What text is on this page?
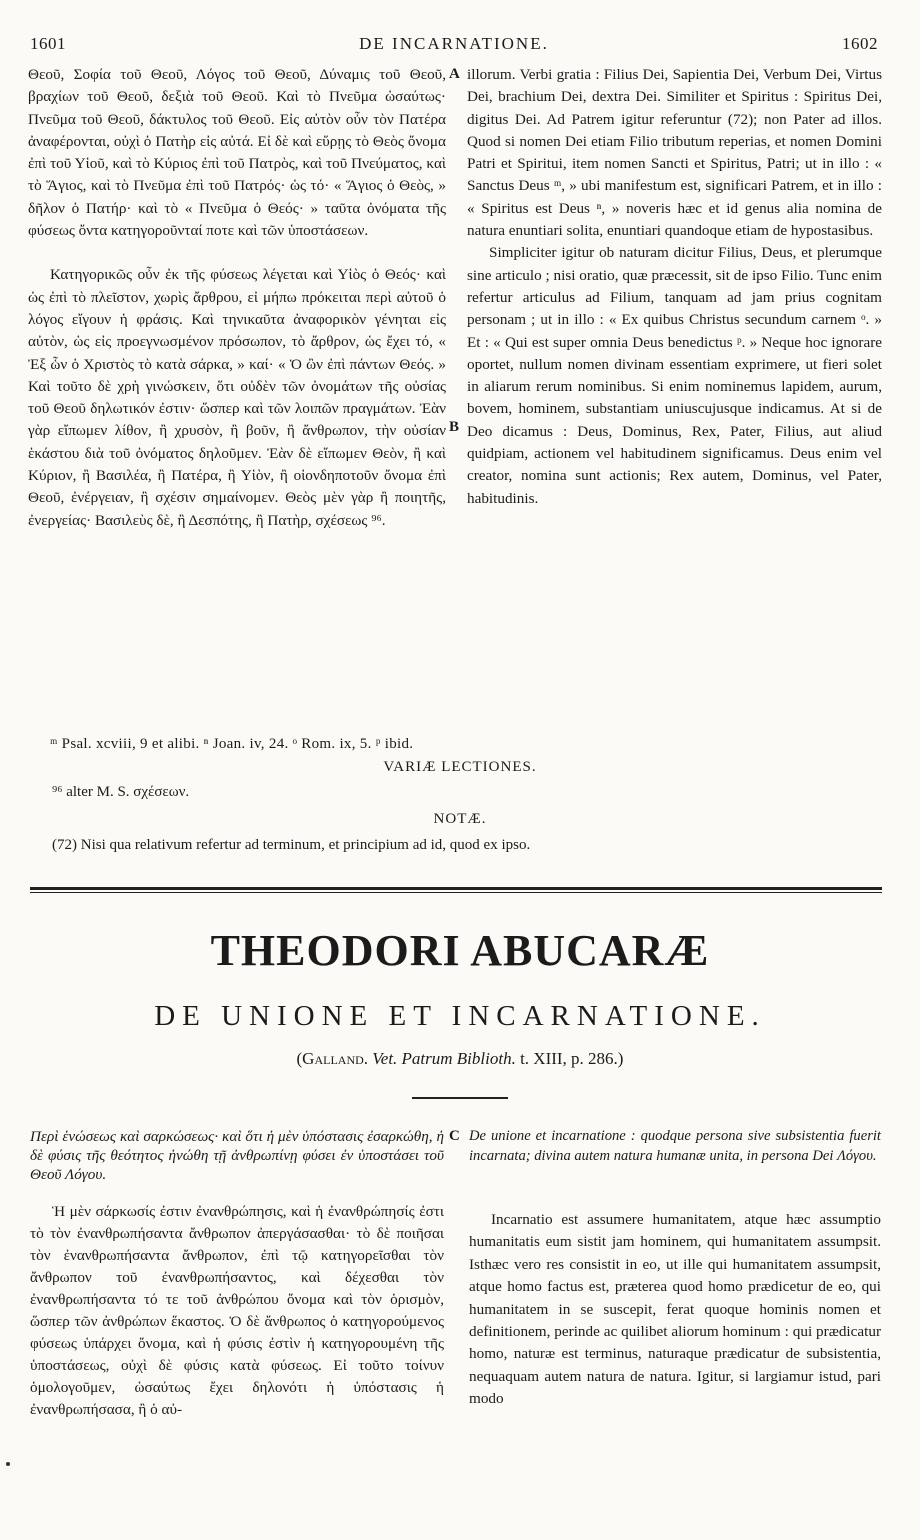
1601	DE INCARNATIONE.	1602

Θεοῦ, Σοφία τοῦ Θεοῦ, Λόγος τοῦ Θεοῦ, Δύναμις τοῦ Θεοῦ, βραχίων τοῦ Θεοῦ, δεξιὰ τοῦ Θεοῦ. Καὶ τὸ Πνεῦμα ὡσαύτως· Πνεῦμα τοῦ Θεοῦ, δάκτυλος τοῦ Θεοῦ. Εἰς αὐτὸν οὖν τὸν Πατέρα ἀναφέρονται, οὐχὶ ὁ Πατὴρ εἰς αὐτά. Εἰ δὲ καὶ εὕρῃς τὸ Θεὸς ὄνομα ἐπὶ τοῦ Υἱοῦ, καὶ τὸ Κύριος ἐπὶ τοῦ Πατρὸς, καὶ τοῦ Πνεύματος, καὶ τὸ Ἅγιος, καὶ τὸ Πνεῦμα ἐπὶ τοῦ Πατρός· ὡς τό· « Ἅγιος ὁ Θεὸς, » δῆλον ὁ Πατήρ· καὶ τὸ « Πνεῦμα ὁ Θεός· » ταῦτα ὀνόματα τῆς φύσεως ὄντα κατηγοροῦνταί ποτε καὶ τῶν ὑποστάσεων.

Κατηγορικῶς οὖν ἐκ τῆς φύσεως λέγεται καὶ Υἱὸς ὁ Θεός· καὶ ὡς ἐπὶ τὸ πλεῖστον, χωρὶς ἄρθρου, εἰ μήπω πρόκειται περὶ αὐτοῦ ὁ λόγος εἴγουν ἡ φράσις. Καὶ τηνικαῦτα ἀναφορικὸν γένηται εἰς αὐτὸν, ὡς εἰς προεγνωσμένον πρόσωπον, τὸ ἄρθρον, ὡς ἔχει τό, « Ἐξ ὧν ὁ Χριστὸς τὸ κατὰ σάρκα, » καί· « Ὁ ὢν ἐπὶ πάντων Θεός. » Καὶ τοῦτο δὲ χρὴ γινώσκειν, ὅτι οὐδὲν τῶν ὀνομάτων τῆς οὐσίας τοῦ Θεοῦ δηλωτικόν ἐστιν· ὥσπερ καὶ τῶν λοιπῶν πραγμάτων. Ἐὰν γὰρ εἴπωμεν λίθον, ἢ χρυσὸν, ἢ βοῦν, ἢ ἄνθρωπον, τὴν οὐσίαν ἑκάστου διὰ τοῦ ὀνόματος δηλοῦμεν. Ἐὰν δὲ εἴπωμεν Θεὸν, ἢ καὶ Κύριον, ἢ Βασιλέα, ἢ Πατέρα, ἢ Υἱὸν, ἢ οἱονδηποτοῦν ὄνομα ἐπὶ Θεοῦ, ἐνέργειαν, ἢ σχέσιν σημαίνομεν. Θεὸς μὲν γὰρ ἢ ποιητῆς, ἐνεργείας· Βασιλεὺς δὲ, ἢ Δεσπότης, ἢ Πατὴρ, σχέσεως ⁹⁶.

A
B

illorum. Verbi gratia : Filius Dei, Sapientia Dei, Verbum Dei, Virtus Dei, brachium Dei, dextra Dei. Similiter et Spiritus : Spiritus Dei, digitus Dei. Ad Patrem igitur referuntur (72); non Pater ad illos. Quod si nomen Dei etiam Filio tributum reperias, et nomen Domini Patri et Spiritui, item nomen Sancti et Spiritus, Patri; ut in illo : « Sanctus Deus ᵐ, » ubi manifestum est, significari Patrem, et in illo : « Spiritus est Deus ⁿ, » noveris hæc et id genus alia nomina de natura enuntiari solita, enuntiari quandoque etiam de hypostasibus.

Simpliciter igitur ob naturam dicitur Filius, Deus, et plerumque sine articulo ; nisi oratio, quæ præcessit, sit de ipso Filio. Tunc enim refertur articulus ad Filium, tanquam ad jam prius cognitam personam ; ut in illo : « Ex quibus Christus secundum carnem ᵒ. » Et : « Qui est super omnia Deus benedictus ᵖ. » Neque hoc ignorare oportet, nullum nomen divinam essentiam exprimere, ut fieri solet in aliarum rerum nominibus. Si enim nominemus lapidem, aurum, bovem, hominem, substantiam uniuscujusque indicamus. At si de Deo dicamus : Deus, Dominus, Rex, Pater, Filius, aut aliud quidpiam, actionem vel habitudinem significamus. Deus enim vel creator, nomina sunt actionis; Rex autem, Dominus, vel Pater, habitudinis.

ᵐ Psal. xcviii, 9 et alibi. ⁿ Joan. iv, 24. ᵒ Rom. ix, 5. ᵖ ibid.
VARIÆ LECTIONES.
⁹⁶ alter M. S. σχέσεων.
NOTÆ.
(72) Nisi qua relativum refertur ad terminum, et principium ad id, quod ex ipso.
THEODORI ABUCARÆ
DE UNIONE ET INCARNATIONE.
(Galland. Vet. Patrum Biblioth. t. XIII, p. 286.)
Περὶ ἑνώσεως καὶ σαρκώσεως· καὶ ὅτι ἡ μὲν ὑπόστασις ἐσαρκώθη, ἡ δὲ φύσις τῆς θεότητος ἡνώθη τῇ ἀνθρωπίνῃ φύσει ἐν ὑποστάσει τοῦ Θεοῦ Λόγου.
C De unione et incarnatione : quodque persona sive subsistentia fuerit incarnata; divina autem natura humanæ unita, in persona Dei Λόγου.

Ἡ μὲν σάρκωσίς ἐστιν ἐνανθρώπησις, καὶ ἡ ἐνανθρώπησίς ἐστι τὸ τὸν ἐνανθρωπήσαντα ἄνθρωπον ἀπεργάσασθαι· τὸ δὲ ποιῆσαι τὸν ἐνανθρωπήσαντα ἄνθρωπον, ἐπὶ τῷ κατηγορεῖσθαι τὸν ἄνθρωπον τοῦ ἐνανθρωπήσαντος, καὶ δέχεσθαι τὸν ἐνανθρωπήσαντα τό τε τοῦ ἀνθρώπου ὄνομα καὶ τὸν ὁρισμὸν, ὥσπερ τῶν ἀνθρώπων ἕκαστος. Ὁ δὲ ἄνθρωπος ὁ κατηγορούμενος φύσεως ὑπάρχει ὄνομα, καὶ ἡ φύσις ἐστὶν ἡ κατηγορουμένη τῆς ὑποστάσεως, οὐχὶ δὲ φύσις κατὰ φύσεως. Εἰ τοῦτο τοίνυν ὁμολογοῦμεν, ὡσαύτως ἔχει δηλονότι ἡ ὑπόστασις ἡ ἐνανθρωπήσασα, ἢ ὁ αὐ-

Incarnatio est assumere humanitatem, atque hæc assumptio humanitatis eum sistit jam hominem, qui humanitatem assumpsit. Isthæc vero res consistit in eo, ut ille qui humanitatem assumpsit, atque homo factus est, præterea quod homo prædicetur de eo, qui humanitatem in se suscepit, ferat quoque hominis nomen et definitionem, perinde ac quilibet aliorum hominum : qui prædicatur homo, naturæ est terminus, naturaque prædicatur de subsistentia, nequaquam autem natura de natura. Igitur, si largiamur istud, pari modo
